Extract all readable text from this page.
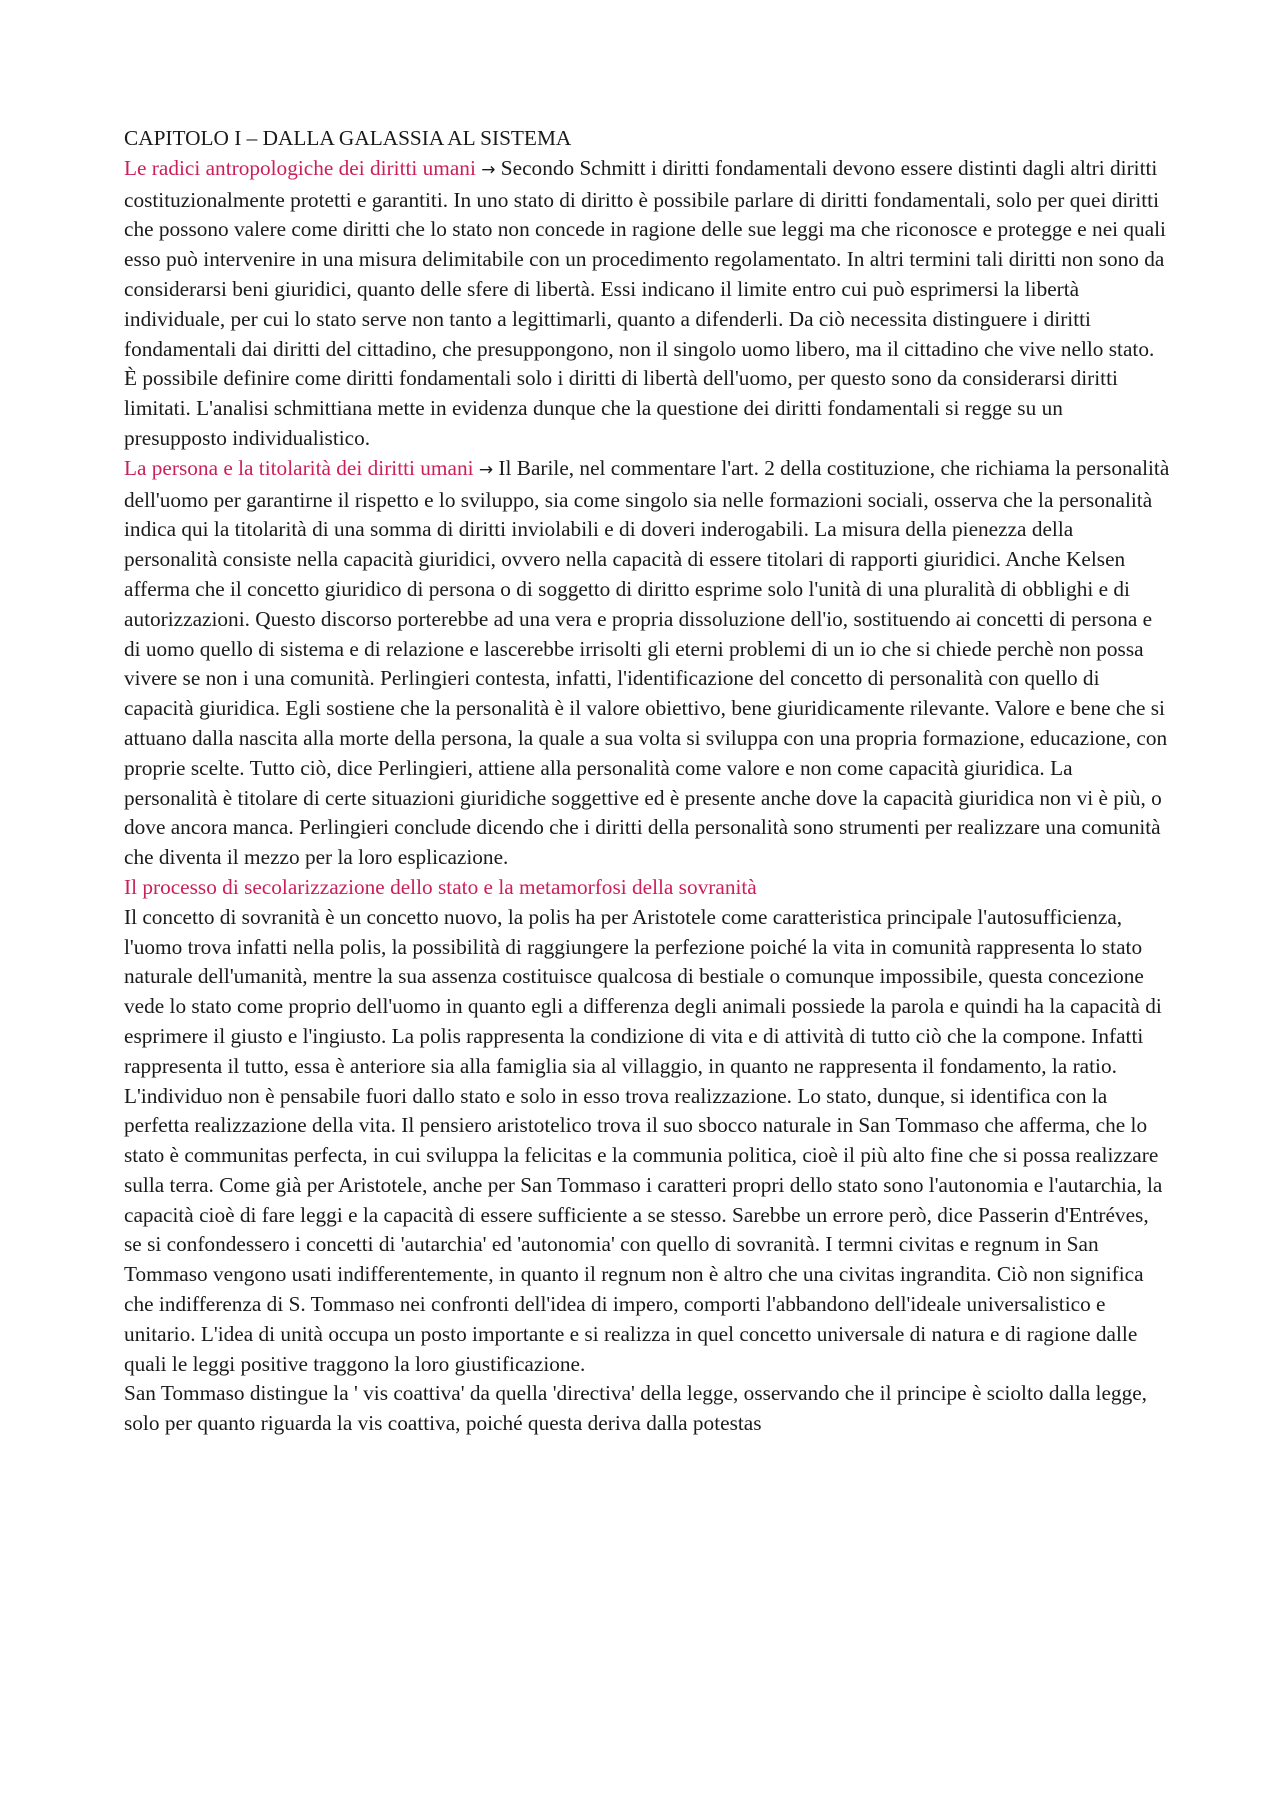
CAPITOLO I – DALLA GALASSIA AL SISTEMA

Le radici antropologiche dei diritti umani → Secondo Schmitt i diritti fondamentali devono essere distinti dagli altri diritti costituzionalmente protetti e garantiti. In uno stato di diritto è possibile parlare di diritti fondamentali, solo per quei diritti che possono valere come diritti che lo stato non concede in ragione delle sue leggi ma che riconosce e protegge e nei quali esso può intervenire in una misura delimitabile con un procedimento regolamentato. In altri termini tali diritti non sono da considerarsi beni giuridici, quanto delle sfere di libertà. Essi indicano il limite entro cui può esprimersi la libertà individuale, per cui lo stato serve non tanto a legittimarli, quanto a difenderli. Da ciò necessita distinguere i diritti fondamentali dai diritti del cittadino, che presuppongono, non il singolo uomo libero, ma il cittadino che vive nello stato. È possibile definire come diritti fondamentali solo i diritti di libertà dell'uomo, per questo sono da considerarsi diritti limitati. L'analisi schmittiana mette in evidenza dunque che la questione dei diritti fondamentali si regge su un presupposto individualistico.

La persona e la titolarità dei diritti umani → Il Barile, nel commentare l'art. 2 della costituzione, che richiama la personalità dell'uomo per garantirne il rispetto e lo sviluppo, sia come singolo sia nelle formazioni sociali, osserva che la personalità indica qui la titolarità di una somma di diritti inviolabili e di doveri inderogabili. La misura della pienezza della personalità consiste nella capacità giuridici, ovvero nella capacità di essere titolari di rapporti giuridici. Anche Kelsen afferma che il concetto giuridico di persona o di soggetto di diritto esprime solo l'unità di una pluralità di obblighi e di autorizzazioni. Questo discorso porterebbe ad una vera e propria dissoluzione dell'io, sostituendo ai concetti di persona e di uomo quello di sistema e di relazione e lascerebbe irrisolti gli eterni problemi di un io che si chiede perchè non possa vivere se non i una comunità. Perlingieri contesta, infatti, l'identificazione del concetto di personalità con quello di capacità giuridica. Egli sostiene che la personalità è il valore obiettivo, bene giuridicamente rilevante. Valore e bene che si attuano dalla nascita alla morte della persona, la quale a sua volta si sviluppa con una propria formazione, educazione, con proprie scelte. Tutto ciò, dice Perlingieri, attiene alla personalità come valore e non come capacità giuridica. La personalità è titolare di certe situazioni giuridiche soggettive ed è presente anche dove la capacità giuridica non vi è più, o dove ancora manca. Perlingieri conclude dicendo che i diritti della personalità sono strumenti per realizzare una comunità che diventa il mezzo per la loro esplicazione.

Il processo di secolarizzazione dello stato e la metamorfosi della sovranità

Il concetto di sovranità è un concetto nuovo, la polis ha per Aristotele come caratteristica principale l'autosufficienza, l'uomo trova infatti nella polis, la possibilità di raggiungere la perfezione poiché la vita in comunità rappresenta lo stato naturale dell'umanità, mentre la sua assenza costituisce qualcosa di bestiale o comunque impossibile, questa concezione vede lo stato come proprio dell'uomo in quanto egli a differenza degli animali possiede la parola e quindi ha la capacità di esprimere il giusto e l'ingiusto. La polis rappresenta la condizione di vita e di attività di tutto ciò che la compone. Infatti rappresenta il tutto, essa è anteriore sia alla famiglia sia al villaggio, in quanto ne rappresenta il fondamento, la ratio. L'individuo non è pensabile fuori dallo stato e solo in esso trova realizzazione. Lo stato, dunque, si identifica con la perfetta realizzazione della vita. Il pensiero aristotelico trova il suo sbocco naturale in San Tommaso che afferma, che lo stato è communitas perfecta, in cui sviluppa la felicitas e la communia politica, cioè il più alto fine che si possa realizzare sulla terra. Come già per Aristotele, anche per San Tommaso i caratteri propri dello stato sono l'autonomia e l'autarchia, la capacità cioè di fare leggi e la capacità di essere sufficiente a se stesso. Sarebbe un errore però, dice Passerin d'Entréves, se si confondessero i concetti di 'autarchia' ed 'autonomia' con quello di sovranità. I termni civitas e regnum in San Tommaso vengono usati indifferentemente, in quanto il regnum non è altro che una civitas ingrandita. Ciò non significa che indifferenza di S. Tommaso nei confronti dell'idea di impero, comporti l'abbandono dell'ideale universalistico e unitario. L'idea di unità occupa un posto importante e si realizza in quel concetto universale di natura e di ragione dalle quali le leggi positive traggono la loro giustificazione.

San Tommaso distingue la ' vis coattiva' da quella 'directiva' della legge, osservando che il principe è sciolto dalla legge, solo per quanto riguarda la vis coattiva, poiché questa deriva dalla potestas
